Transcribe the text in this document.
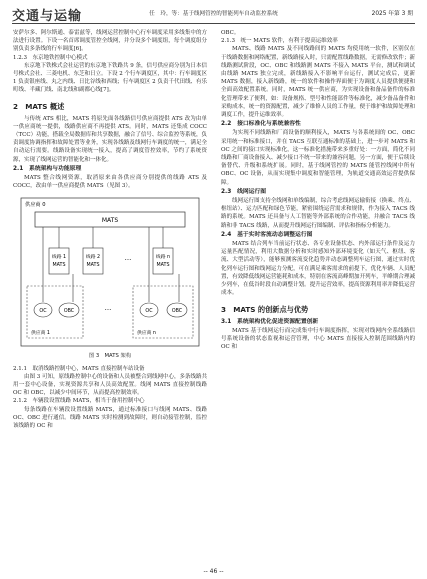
交通与运输	任　玲，等：基于线网管控的智能列车自动监控系统	2025 年第 3 期

安萨尔多、阿尔斯通、泰雷兹等，线网运营控制中心行车调度采用多线集中的方法进行设置。下设一名首席调度管控全线网，并分设多个调度组，每个调度组分别负责多条线的行车调度[6]。

1.2.3　东京地铁控制中心模式

东京地下铁株式会社运营的东京地下铁路共 9 条，信号供应商分别为日本信号株式会社、三菱电机、东芝和日立。下设 2 个行车调度区，其中：行车调度区 1 负责银座线、丸之内线、日比谷线和西线；行车调度区 2 负责千代田线、有乐町线、半藏门线、南北线和副都心线[7]。

2　MATS 概述

与传统 ATS 相比，MATS 将原先面各线路信号供应商提供 ATS 改为由单一供应商统一提供，线路供应商不再提供 ATS。同时，MATS 还集成 COCC（TCC）功能，搭载全局数据库和共享数据，融合了信号、综合监控等系统，负责调度协调指挥和故障处置等业务，实现各线路及线网行车调度的统一，满足全自动运行需要。线路设备实现统一接入，提高了调度管控效率，节约了系统资源，实现了线网运营的智能化和一体化。

2.1　系统架构与功能原理

MATS 整合线网资源，取消原来由各供应商分别提供的线路 ATS 及 COCC，改由单一供应商提供 MATS（见图 3）。

供应商 0
MATS
线路 1
MATS
线路 2
MATS
···	线路 n
MATS
供应商 1	供应商 n
···
OC	OBC	OC	OBC
图 3　MATS 架构
2.1.1　取消线路控制中心，MATS 直接控制车站设备

由图 3 可知，原线路控制中心的设备和人员被整合到线网中心，多条线路共用一套中心设备，实现资源共享和人员高效配置。线网 MATS 直接控制线路 OC 和 OBC，以减少中间环节，从而提高控制效率。

2.1.2　车辆段设置线路 MATS，相当于备用控制中心

每条线路在车辆段设置线路 MATS，通过标准接口与线网 MATS、线路 OC、OBC 进行通信。线路 MATS 实时检测到故障时，则自动接管控制，监控该线路的 OC 和

OBC。

2.1.3　统一 MATS 软件，有利于提高运维效率

MATS、线路 MATS 及不同线路间的 MATS 均使用统一软件，区别仅在于线路数据和网络配置，新线路接入时，只需配置线路数据，无需修改软件；新线路测试阶段，OC、OBC 和线路测 MATS 不接入 MATS 平台，测试和调试由线路 MATS 独立完成，新线路接入不影响平台运行，测试完成后，更新 MATS 数据，接入新线路，统一的软件和操作界面便于为调度人员提供便捷和全面高效配置系统。同时，MATS 统一供应商，为实现设备和备品备件的标准化管理带来了便利，如：设备规格、型号和性能部件等标准化，减少备品备件和采购成本，统一的资源配置，减少了维修人员的工作量，便于维护和故障处理和调度工作，提升运维效率。

2.2　接口标准化与系统兼容性

为实现不同线路和厂商设备的顺利接入，MATS 与各系统间的 OC、OBC 采用统一和标准接口，并在 TACS 互联互通标准的基础上，进一步对 MATS 和 OC 之间的接口实现标准化，这一标准化措施带来多重好处：一方面，简化不同线路和厂商设备接入、减少接口不统一带来的兼容问题，另一方面，便于后续设备替代、升级和系统扩展。同时，基于线网管控的 MATS 能管控线网中所有 OBC、OC 设备，从而实现集中调度和智能管理，为轨道交通高效运营提供保障。

2.3　线网运行图

线网运行图支持全线网和单线编制，综合考虑线网运输衔接（换乘、终点、枢纽站）、运力匹配和绿色节能，紧密围绕运营需求和规律，作为接入 TACS 线路的系统。MATS 还具备与人工智能等外部系统的合作功能，并融合 TACS 线路和非 TACS 线路，从而提升线网运行图编制、评估和指标分析能力。

2.4　基于实时客流动态调整运行图

MATS 结合列车当前运行状态、各专业设备状态、内外部运行条件及运力运量匹配情况，利用大数据分析和实时感知外部环境变化（如天气、枢纽、客流、大型活动等），能够预测客流变化趋势并动态调整列车运行图，通过实时优化列车运行图和线网运力分配，可在满足乘客需求的前提下，优化车辆、人员配置，有效降低线网运营能耗和成本，特别在客流高峰期加开列车，平峰期合理减少列车，在低谷时段自动调整计划。提升运营效率，提高资源利用率并降低运营成本。

3　MATS 的创新点与优势
3.1　系统架构优化促进资源配置创新

MATS 基于线网运行而完成集中行车调度指挥，实现对线网内全系线路信号系统设备的状态监视和运营管理，中心 MATS 直接接入控制范围线路内的 OC 和

-- 46 --
